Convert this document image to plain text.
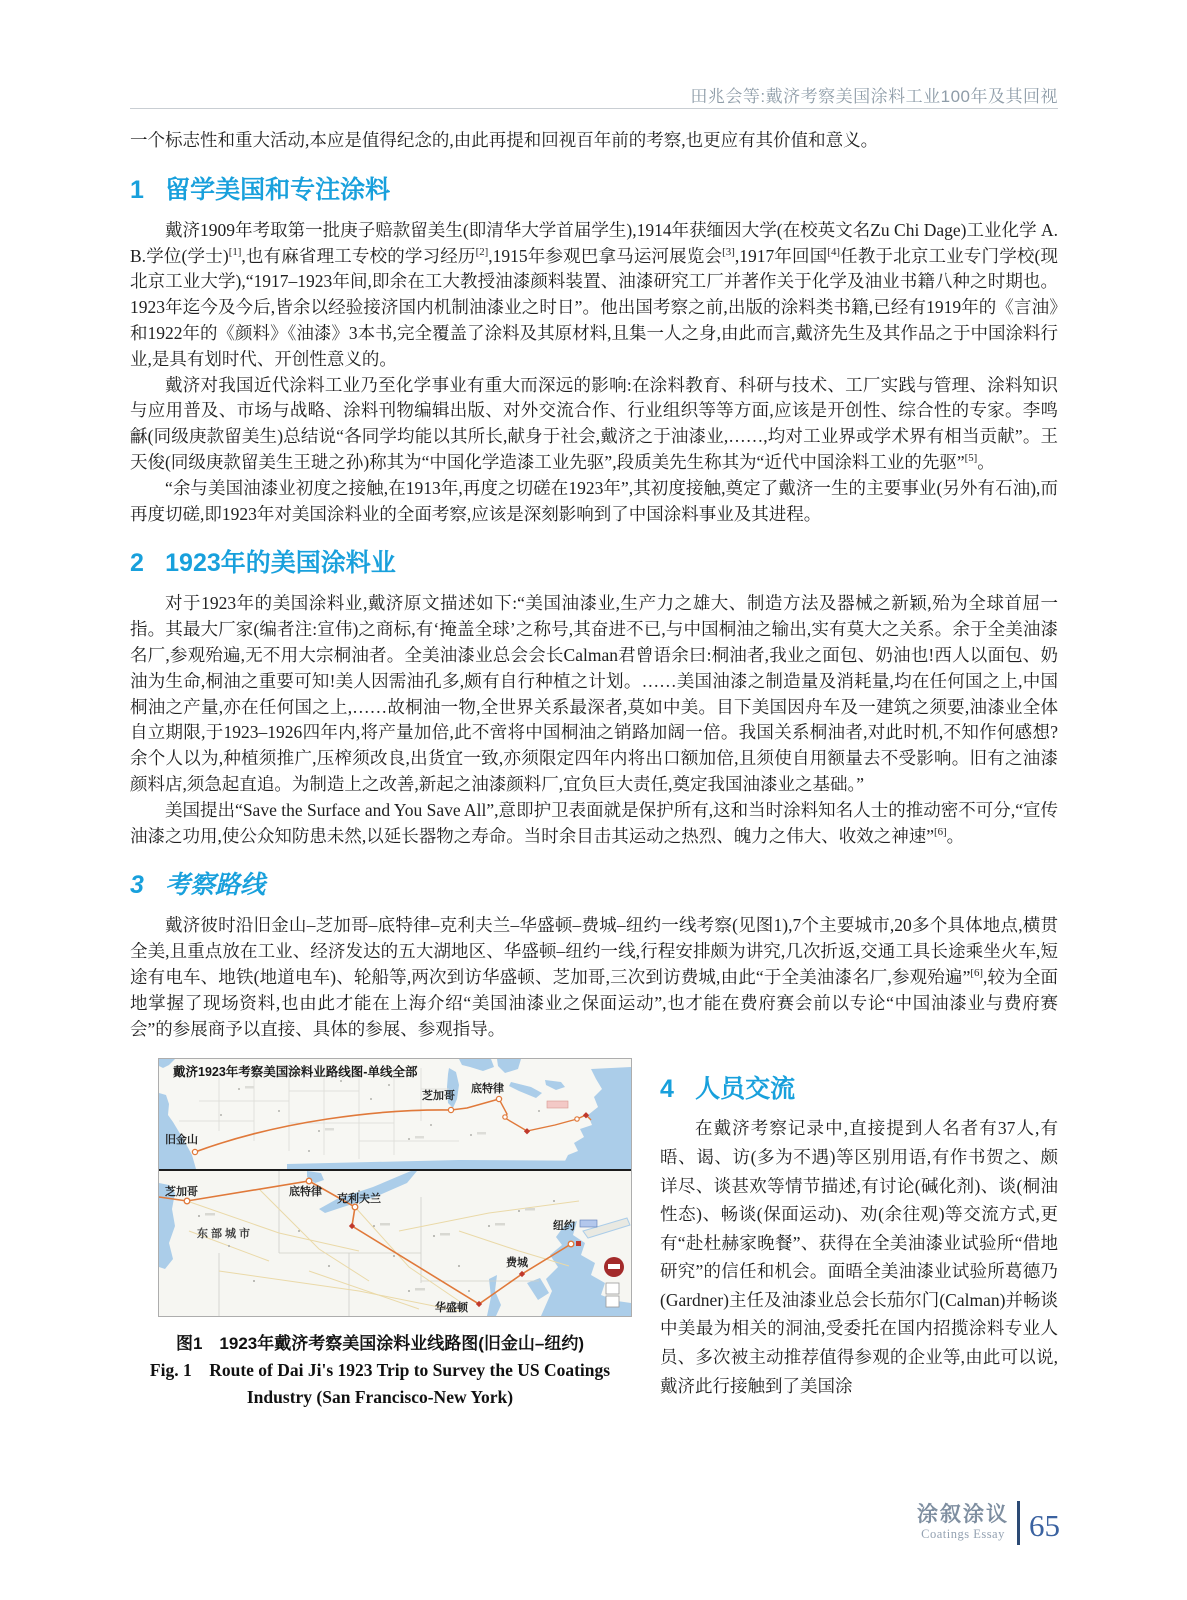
田兆会等:戴济考察美国涂料工业100年及其回视

一个标志性和重大活动,本应是值得纪念的,由此再提和回视百年前的考察,也更应有其价值和意义。

1 留学美国和专注涂料

戴济1909年考取第一批庚子赔款留美生(即清华大学首届学生),1914年获缅因大学(在校英文名Zu Chi Dage)工业化学 A. B.学位(学士)[1],也有麻省理工专校的学习经历[2],1915年参观巴拿马运河展览会[3],1917年回国[4]任教于北京工业专门学校(现北京工业大学),“1917–1923年间,即余在工大教授油漆颜料装置、油漆研究工厂并著作关于化学及油业书籍八种之时期也。1923年迄今及今后,皆余以经验接济国内机制油漆业之时日”。他出国考察之前,出版的涂料类书籍,已经有1919年的《言油》和1922年的《颜料》《油漆》3本书,完全覆盖了涂料及其原材料,且集一人之身,由此而言,戴济先生及其作品之于中国涂料行业,是具有划时代、开创性意义的。

戴济对我国近代涂料工业乃至化学事业有重大而深远的影响:在涂料教育、科研与技术、工厂实践与管理、涂料知识与应用普及、市场与战略、涂料刊物编辑出版、对外交流合作、行业组织等等方面,应该是开创性、综合性的专家。李鸣龢(同级庚款留美生)总结说“各同学均能以其所长,献身于社会,戴济之于油漆业,……,均对工业界或学术界有相当贡献”。王天俊(同级庚款留美生王琎之孙)称其为“中国化学造漆工业先驱”,段质美先生称其为“近代中国涂料工业的先驱”[5]。

“余与美国油漆业初度之接触,在1913年,再度之切磋在1923年”,其初度接触,奠定了戴济一生的主要事业(另外有石油),而再度切磋,即1923年对美国涂料业的全面考察,应该是深刻影响到了中国涂料事业及其进程。

2 1923年的美国涂料业

对于1923年的美国涂料业,戴济原文描述如下:“美国油漆业,生产力之雄大、制造方法及器械之新颖,殆为全球首屈一指。其最大厂家(编者注:宣伟)之商标,有‘掩盖全球’之称号,其奋进不已,与中国桐油之输出,实有莫大之关系。余于全美油漆名厂,参观殆遍,无不用大宗桐油者。全美油漆业总会会长Calman君曾语余曰:桐油者,我业之面包、奶油也!西人以面包、奶油为生命,桐油之重要可知!美人因需油孔多,颇有自行种植之计划。……美国油漆之制造量及消耗量,均在任何国之上,中国桐油之产量,亦在任何国之上,……故桐油一物,全世界关系最深者,莫如中美。目下美国因舟车及一建筑之须要,油漆业全体自立期限,于1923–1926四年内,将产量加倍,此不啻将中国桐油之销路加阔一倍。我国关系桐油者,对此时机,不知作何感想?余个人以为,种植须推广,压榨须改良,出货宜一致,亦须限定四年内将出口额加倍,且须使自用额量去不受影响。旧有之油漆颜料店,须急起直追。为制造上之改善,新起之油漆颜料厂,宜负巨大责任,奠定我国油漆业之基础。”

美国提出“Save the Surface and You Save All”,意即护卫表面就是保护所有,这和当时涂料知名人士的推动密不可分,“宣传油漆之功用,使公众知防患未然,以延长器物之寿命。当时余目击其运动之热烈、魄力之伟大、收效之神速”[6]。

3 考察路线

戴济彼时沿旧金山–芝加哥–底特律–克利夫兰–华盛顿–费城–纽约一线考察(见图1),7个主要城市,20多个具体地点,横贯全美,且重点放在工业、经济发达的五大湖地区、华盛顿–纽约一线,行程安排颇为讲究,几次折返,交通工具长途乘坐火车,短途有电车、地铁(地道电车)、轮船等,两次到访华盛顿、芝加哥,三次到访费城,由此“于全美油漆名厂,参观殆遍”[6],较为全面地掌握了现场资料,也由此才能在上海介绍“美国油漆业之保面运动”,也才能在费府赛会前以专论“中国油漆业与费府赛会”的参展商予以直接、具体的参展、参观指导。

戴济1923年考察美国涂料业路线图-单线全部
芝加哥
底特律
旧金山
芝加哥	底特律
克利夫兰
东部城市
纽约
费城
华盛顿

图1　1923年戴济考察美国涂料业线路图(旧金山–纽约)

Fig. 1　Route of Dai Ji's 1923 Trip to Survey the US Coatings

Industry (San Francisco-New York)

4 人员交流

在戴济考察记录中,直接提到人名者有37人,有晤、谒、访(多为不遇)等区别用语,有作书贺之、颇详尽、谈甚欢等情节描述,有讨论(碱化剂)、谈(桐油性态)、畅谈(保面运动)、劝(余往观)等交流方式,更有“赴杜赫家晚餐”、获得在全美油漆业试验所“借地研究”的信任和机会。面晤全美油漆业试验所葛德乃(Gardner)主任及油漆业总会长茄尔门(Calman)并畅谈中美最为相关的洞油,受委托在国内招揽涂料专业人员、多次被主动推荐值得参观的企业等,由此可以说,戴济此行接触到了美国涂

涂叙涂议
Coatings Essay 65
